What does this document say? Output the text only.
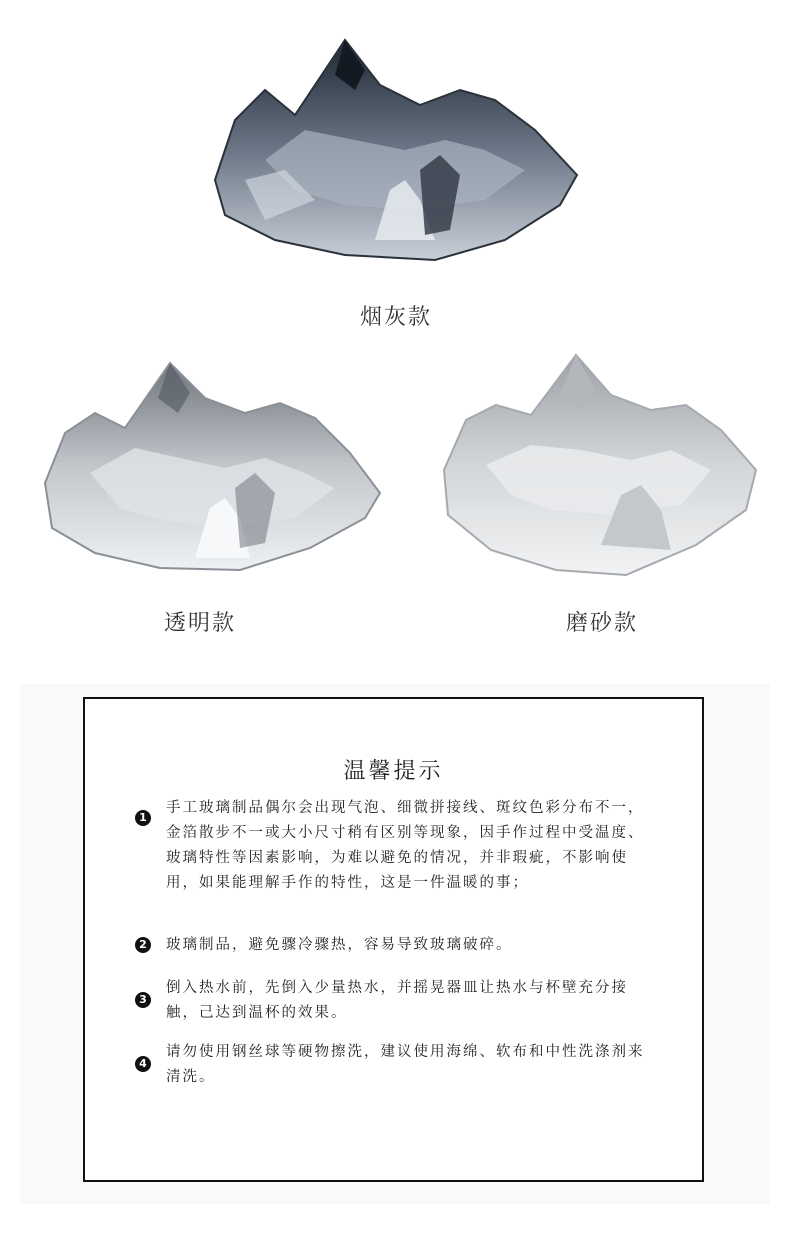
烟灰款
透明款	磨砂款
温馨提示
1
手工玻璃制品偶尔会出现气泡、细微拼接线、斑纹色彩分布不一，金箔散步不一或大小尺寸稍有区别等现象，因手作过程中受温度、玻璃特性等因素影响，为难以避免的情况，并非瑕疵，不影响使用，如果能理解手作的特性，这是一件温暖的事；
2 玻璃制品，避免骤冷骤热，容易导致玻璃破碎。
3
倒入热水前，先倒入少量热水，并摇晃器皿让热水与杯壁充分接触，己达到温杯的效果。
4
请勿使用钢丝球等硬物擦洗，建议使用海绵、软布和中性洗涤剂来清洗。
